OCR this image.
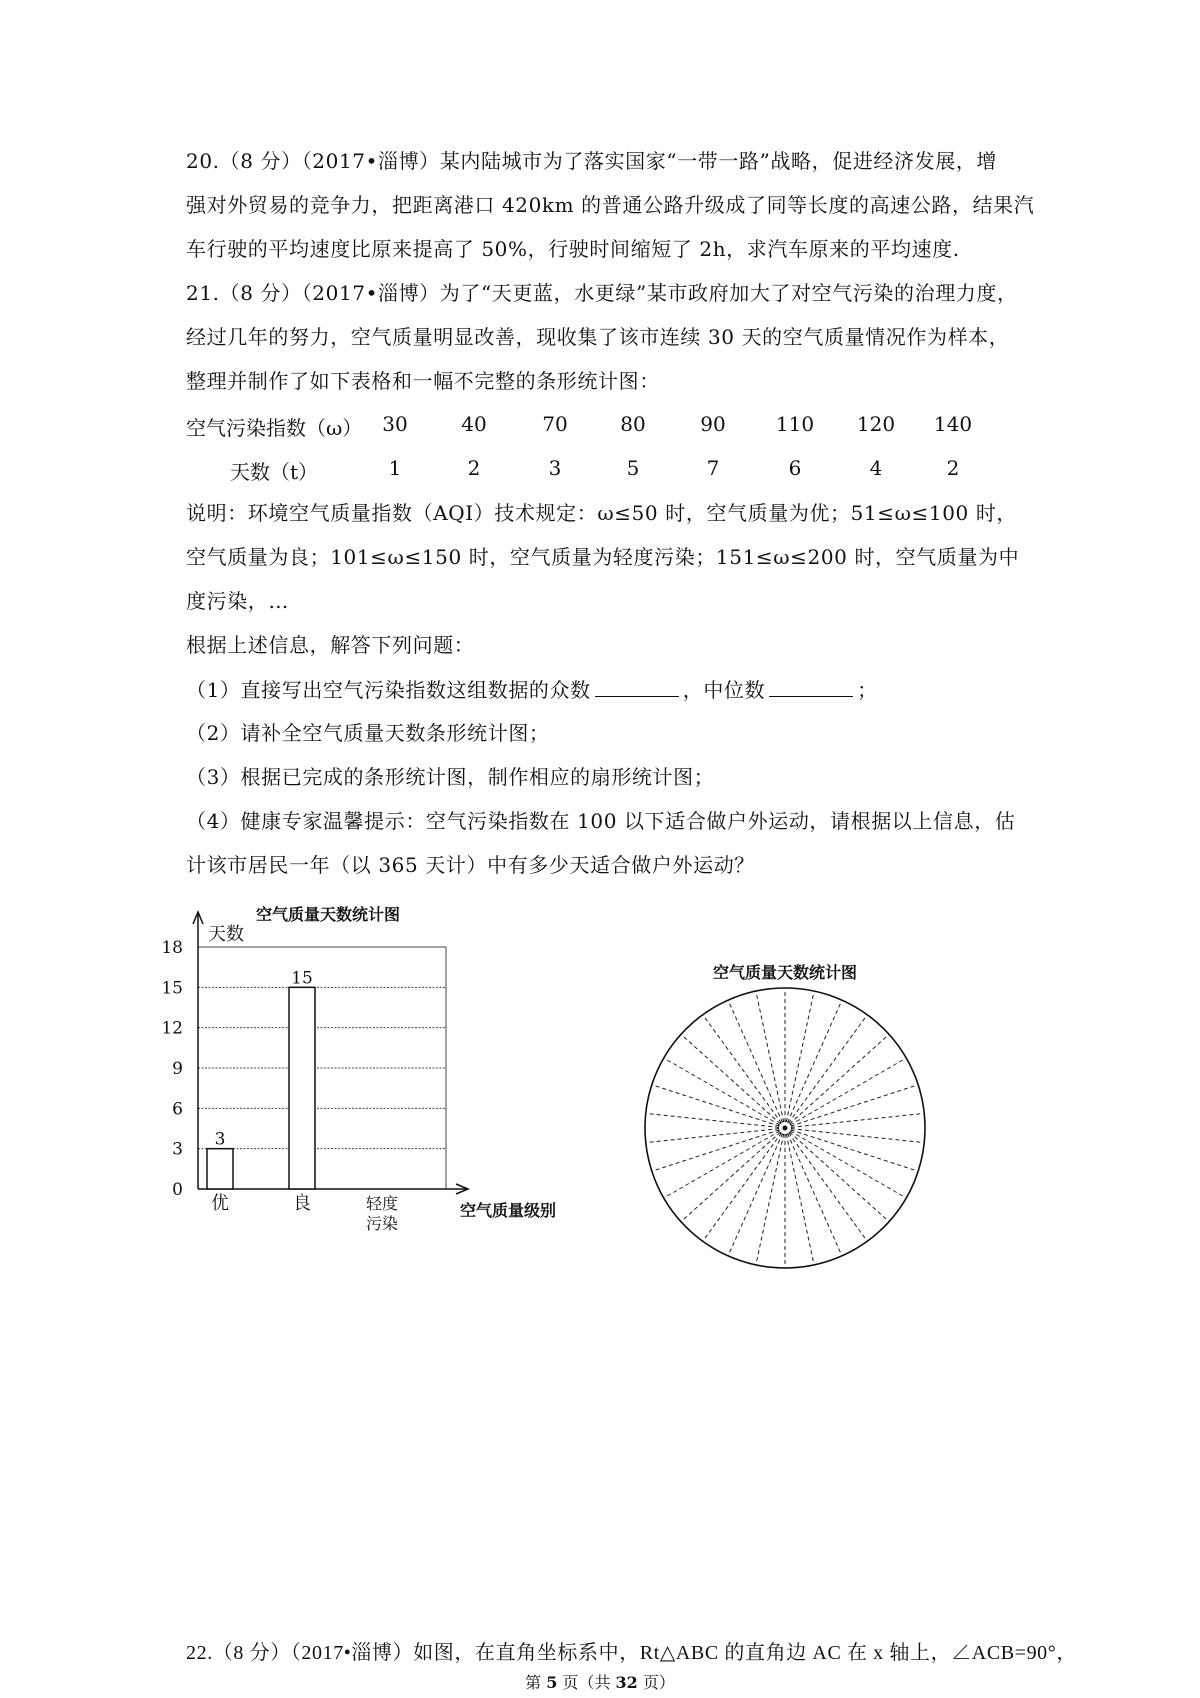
20.（8 分）（2017•淄博）某内陆城市为了落实国家“一带一路”战略，促进经济发展，增
强对外贸易的竞争力，把距离港口 420km 的普通公路升级成了同等长度的高速公路，结果汽
车行驶的平均速度比原来提高了 50%，行驶时间缩短了 2h，求汽车原来的平均速度.
21.（8 分）（2017•淄博）为了“天更蓝，水更绿”某市政府加大了对空气污染的治理力度，
经过几年的努力，空气质量明显改善，现收集了该市连续 30 天的空气质量情况作为样本，
整理并制作了如下表格和一幅不完整的条形统计图：
空气污染指数（ω） 30	40	70	80	90	110	120	140
天数（t）	1	2	3	5	7	6	4	2
说明：环境空气质量指数（AQI）技术规定：ω≤50 时，空气质量为优；51≤ω≤100 时，
空气质量为良；101≤ω≤150 时，空气质量为轻度污染；151≤ω≤200 时，空气质量为中
度污染，…
根据上述信息，解答下列问题：
（1）直接写出空气污染指数这组数据的众数	，中位数	；
（2）请补全空气质量天数条形统计图；
（3）根据已完成的条形统计图，制作相应的扇形统计图；
（4）健康专家温馨提示：空气污染指数在 100 以下适合做户外运动，请根据以上信息，估
计该市居民一年（以 365 天计）中有多少天适合做户外运动？
空气质量天数统计图
0
3
6
9
12
15
18
3
15
优	良	轻度
污染
天数
空气质量级别
空气质量天数统计图
22.（8 分）（2017•淄博）如图，在直角坐标系中，Rt△ABC 的直角边 AC 在 x 轴上，∠ACB=90°，
第 5 页（共 32 页）
